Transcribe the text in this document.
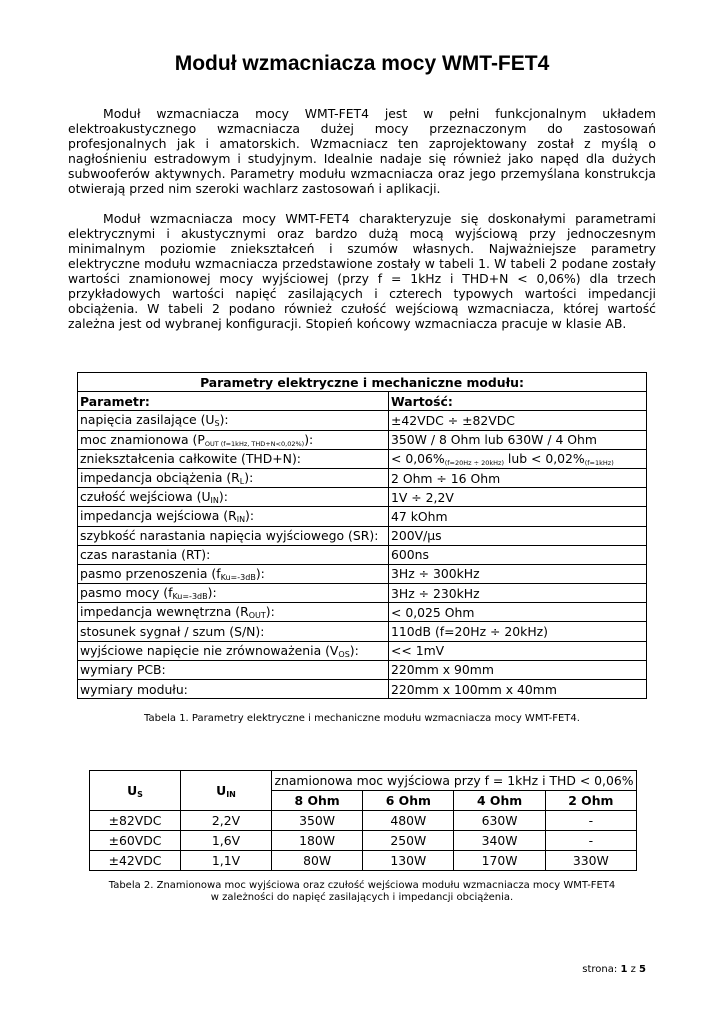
Moduł wzmacniacza mocy WMT-FET4

Moduł wzmacniacza mocy WMT-FET4 jest w pełni funkcjonalnym układem elektroakustycznego wzmacniacza dużej mocy przeznaczonym do zastosowań profesjonalnych jak i amatorskich. Wzmacniacz ten zaprojektowany został z myślą o nagłośnieniu estradowym i studyjnym. Idealnie nadaje się również jako napęd dla dużych subwooferów aktywnych. Parametry modułu wzmacniacza oraz jego przemyślana konstrukcja otwierają przed nim szeroki wachlarz zastosowań i aplikacji.

Moduł wzmacniacza mocy WMT-FET4 charakteryzuje się doskonałymi parametrami elektrycznymi i akustycznymi oraz bardzo dużą mocą wyjściową przy jednoczesnym minimalnym poziomie zniekształceń i szumów własnych. Najważniejsze parametry elektryczne modułu wzmacniacza przedstawione zostały w tabeli 1. W tabeli 2 podane zostały wartości znamionowej mocy wyjściowej (przy f = 1kHz i THD+N < 0,06%) dla trzech przykładowych wartości napięć zasilających i czterech typowych wartości impedancji obciążenia. W tabeli 2 podano również czułość wejściową wzmacniacza, której wartość zależna jest od wybranej konfiguracji. Stopień końcowy wzmacniacza pracuje w klasie AB.

Parametry elektryczne i mechaniczne modułu:	
Parametr:	Wartość:
napięcia zasilające (US):	±42VDC ÷ ±82VDC
moc znamionowa (POUT (f=1kHz, THD+N<0,02%)):	350W / 8 Ohm lub 630W / 4 Ohm
zniekształcenia całkowite (THD+N):	< 0,06%(f=20Hz ÷ 20kHz) lub < 0,02%(f=1kHz)
impedancja obciążenia (RL):	2 Ohm ÷ 16 Ohm
czułość wejściowa (UIN):	1V ÷ 2,2V
impedancja wejściowa (RIN):	47 kOhm
szybkość narastania napięcia wyjściowego (SR):	200V/µs
czas narastania (RT):	600ns
pasmo przenoszenia (fKu=-3dB):	3Hz ÷ 300kHz
pasmo mocy (fKu=-3dB):	3Hz ÷ 230kHz
impedancja wewnętrzna (ROUT):	< 0,025 Ohm
stosunek sygnał / szum (S/N):	110dB (f=20Hz ÷ 20kHz)
wyjściowe napięcie nie zrównoważenia (VOS):	<< 1mV
wymiary PCB:	220mm x 90mm
wymiary modułu:	220mm x 100mm x 40mm
Tabela 1. Parametry elektryczne i mechaniczne modułu wzmacniacza mocy WMT-FET4.
US	UIN	znamionowa moc wyjściowa przy f = 1kHz i THD < 0,06%			
		8 Ohm	6 Ohm	4 Ohm	2 Ohm
±82VDC	2,2V	350W	480W	630W	-
±60VDC	1,6V	180W	250W	340W	-
±42VDC	1,1V	80W	130W	170W	330W
Tabela 2. Znamionowa moc wyjściowa oraz czułość wejściowa modułu wzmacniacza mocy WMT-FET4
w zależności do napięć zasilających i impedancji obciążenia.
strona: 1 z 5
